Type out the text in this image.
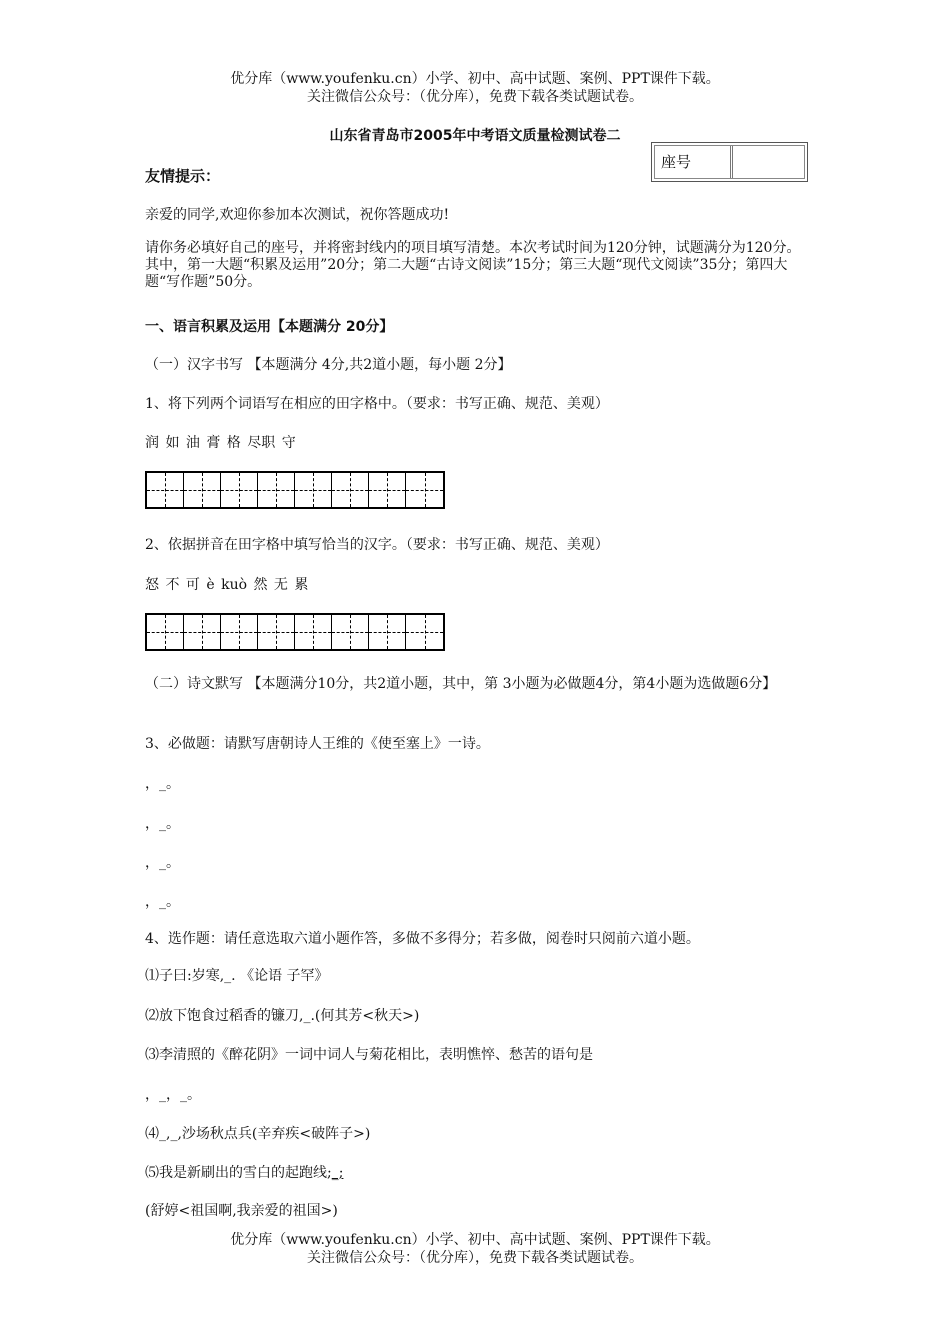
优分库（www.youfenku.cn）小学、初中、高中试题、案例、PPT课件下载。
关注微信公众号：（优分库），免费下载各类试题试卷。
山东省青岛市2005年中考语文质量检测试卷二
座号
友情提示：
亲爱的同学,欢迎你参加本次测试，祝你答题成功!
请你务必填好自己的座号，并将密封线内的项目填写清楚。本次考试时间为120分钟，试题满分为120分。其中，第一大题“积累及运用”20分；第二大题“古诗文阅读”15分；第三大题“现代文阅读”35分；第四大题“写作题”50分。
一、语言积累及运用【本题满分 20分】
（一）汉字书写 【本题满分 4分,共2道小题，每小题 2分】
1、将下列两个词语写在相应的田字格中。（要求：书写正确、规范、美观）
润 如 油 膏 格 尽职 守
2、依据拼音在田字格中填写恰当的汉字。（要求：书写正确、规范、美观）
怒 不 可 è kuò 然 无 累
（二）诗文默写 【本题满分10分，共2道小题，其中，第 3小题为必做题4分，第4小题为选做题6分】
3、必做题：请默写唐朝诗人王维的《使至塞上》一诗。
，_。
，_。
，_。
，_。
4、选作题：请任意选取六道小题作答，多做不多得分；若多做，阅卷时只阅前六道小题。
⑴子曰:岁寒,_. 《论语 子罕》
⑵放下饱食过稻香的镰刀,_.(何其芳<秋天>)
⑶李清照的《醉花阴》一词中词人与菊花相比，表明憔悴、愁苦的语句是
，_，_。
⑷_,_,沙场秋点兵(辛弃疾<破阵子>)
⑸我是新刷出的雪白的起跑线;_;
(舒婷<祖国啊,我亲爱的祖国>)
优分库（www.youfenku.cn）小学、初中、高中试题、案例、PPT课件下载。
关注微信公众号：（优分库），免费下载各类试题试卷。
